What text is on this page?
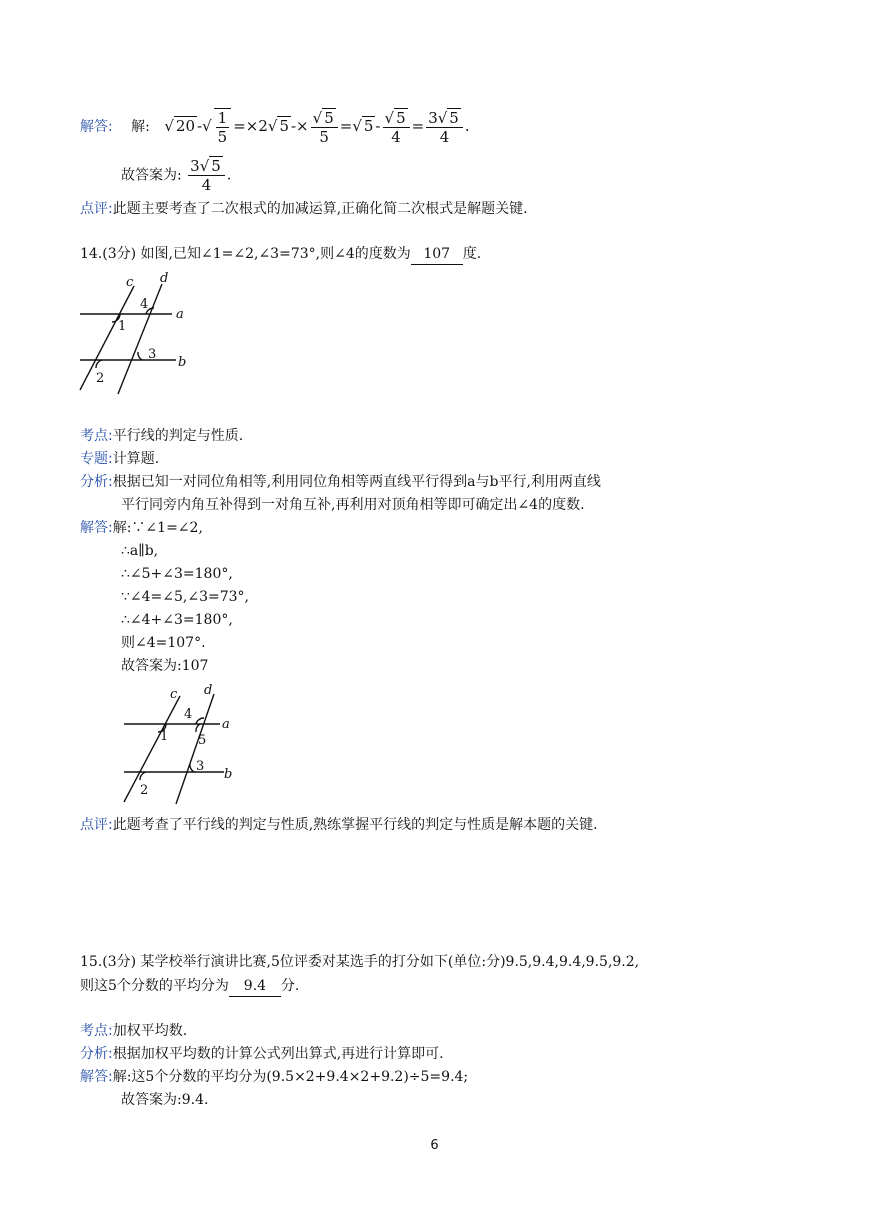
解答: 解: √ 20 -√ $\frac{1}{5} =\times 2√$ $5 -\times \frac{√ 5}{5}$ =√ $5 - \frac{√ 5}{4} = \frac{3√ 5}{4}$ .
故答案为: $\frac{3√ 5}{4}$ .
点评:此题主要考查了二次根式的加减运算,正确化简二次根式是解题关键.
14.(3分) 如图,已知∠1=∠2,∠3=73°,则∠4的度数为 107 度.
c d
4
a
1
3
b
2
考点:平行线的判定与性质.
专题:计算题.
分析:根据已知一对同位角相等,利用同位角相等两直线平行得到a与b平行,利用两直线
平行同旁内角互补得到一对角互补,再利用对顶角相等即可确定出∠4的度数.
解答:解:∵∠1=∠2,
∴a∥b,
∴∠5+∠3=180°,
∵∠4=∠5,∠3=73°,
∴∠4+∠3=180°,
则∠4=107°.
故答案为:107
c d
4
a
1 5
3
b
2
点评:此题考查了平行线的判定与性质,熟练掌握平行线的判定与性质是解本题的关键.
15.(3分) 某学校举行演讲比赛,5位评委对某选手的打分如下(单位:分)9.5,9.4,9.4,9.5,9.2,
则这5个分数的平均分为 9.4 分.
考点:加权平均数.
分析:根据加权平均数的计算公式列出算式,再进行计算即可.
解答:解:这5个分数的平均分为(9.5×2+9.4×2+9.2)÷5=9.4;
故答案为:9.4.
6
